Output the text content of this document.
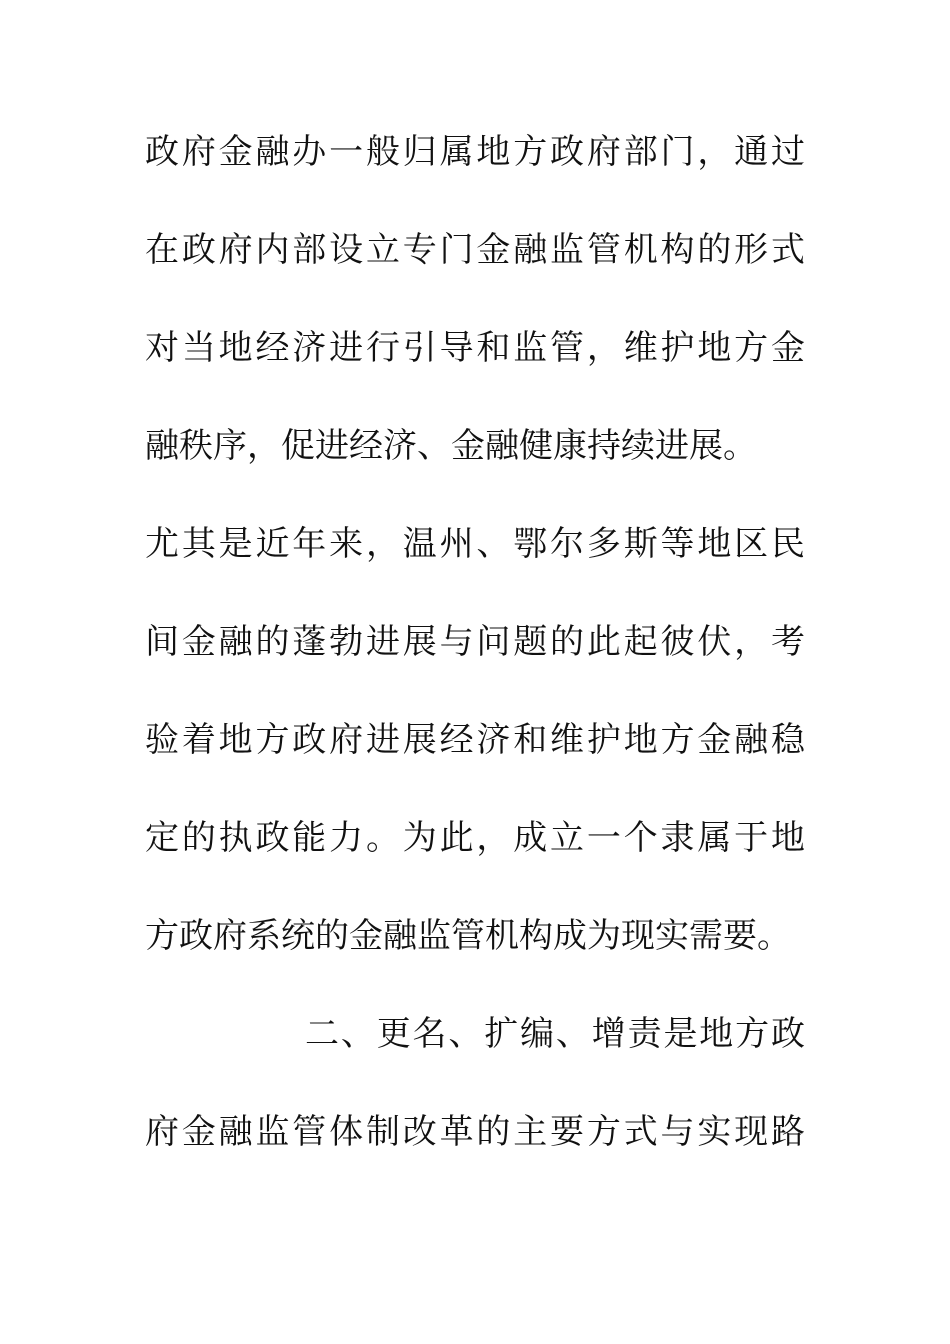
政府金融办一般归属地方政府部门，通过
在政府内部设立专门金融监管机构的形式
对当地经济进行引导和监管，维护地方金
融秩序，促进经济、金融健康持续进展。
尤其是近年来，温州、鄂尔多斯等地区民
间金融的蓬勃进展与问题的此起彼伏，考
验着地方政府进展经济和维护地方金融稳
定的执政能力。为此，成立一个隶属于地
方政府系统的金融监管机构成为现实需要。
二、更名、扩编、增责是地方政
府金融监管体制改革的主要方式与实现路
